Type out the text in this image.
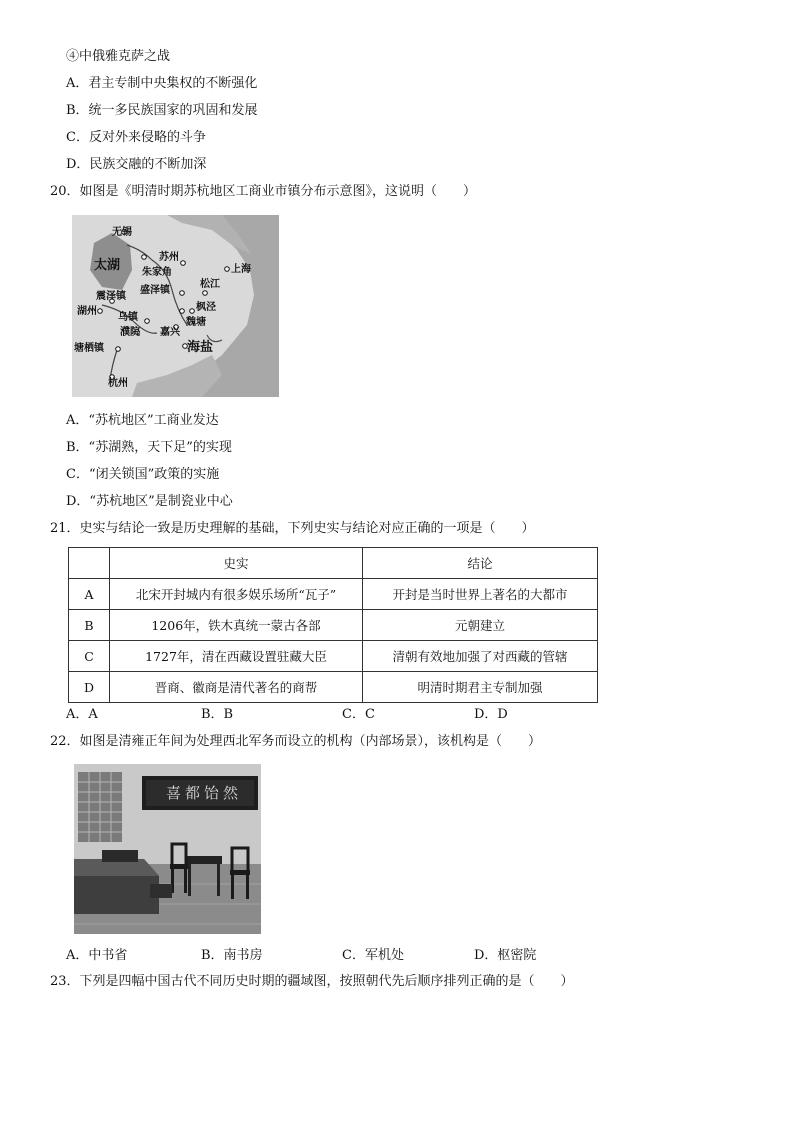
④中俄雅克萨之战
A．君主专制中央集权的不断强化
B．统一多民族国家的巩固和发展
C．反对外来侵略的斗争
D．民族交融的不断加深
20．如图是《明清时期苏杭地区工商业市镇分布示意图》，这说明（　　）
无锡
太湖
苏州
朱家角	上海
松江
盛泽镇
震泽镇
湖州
乌镇
枫泾
濮院 嘉兴
魏塘
塘栖镇	海盐
杭州
A．“苏杭地区”工商业发达
B．“苏湖熟，天下足”的实现
C．“闭关锁国”政策的实施
D．“苏杭地区”是制瓷业中心
21．史实与结论一致是历史理解的基础，下列史实与结论对应正确的一项是（　　）
	史实	结论
A	北宋开封城内有很多娱乐场所“瓦子”	开封是当时世界上著名的大都市
B	1206年，铁木真统一蒙古各部	元朝建立
C	1727年，清在西藏设置驻藏大臣	清朝有效地加强了对西藏的管辖
D	晋商、徽商是清代著名的商帮	明清时期君主专制加强
A．A	B．B	C．C	D．D
22．如图是清雍正年间为处理西北军务而设立的机构（内部场景），该机构是（　　）
喜都饴然
A．中书省	B．南书房	C．军机处	D．枢密院
23．下列是四幅中国古代不同历史时期的疆域图，按照朝代先后顺序排列正确的是（　　）
